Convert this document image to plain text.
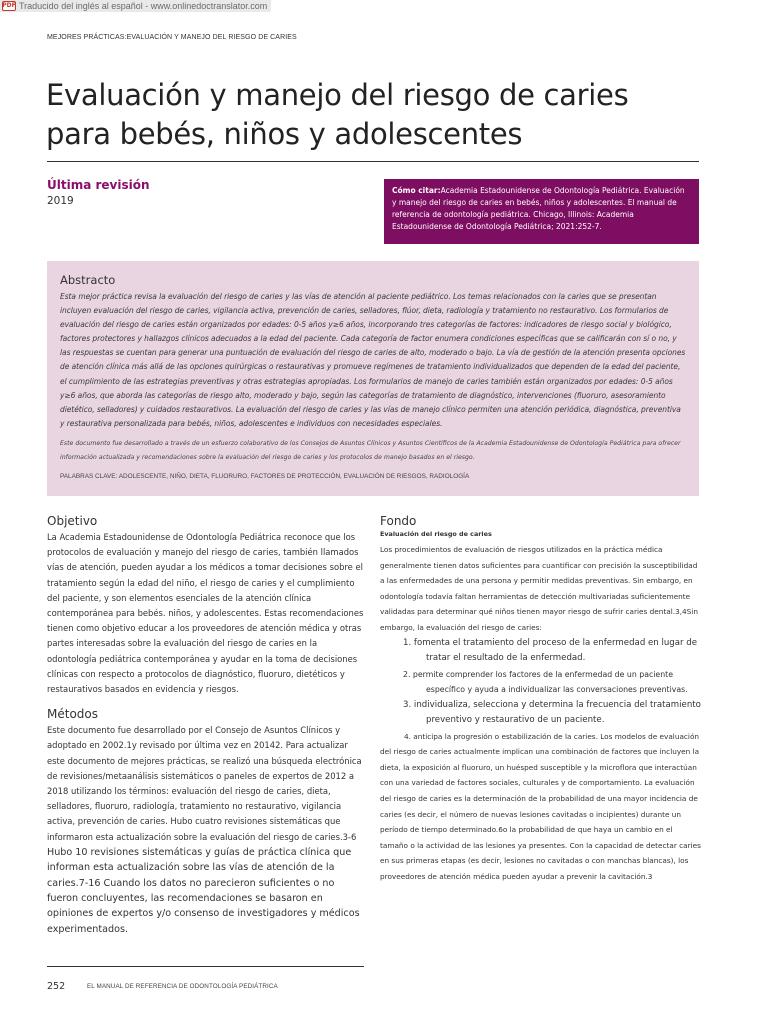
PDF Traducido del inglés al español - www.onlinedoctranslator.com
MEJORES PRÁCTICAS:EVALUACIÓN Y MANEJO DEL RIESGO DE CARIES
Evaluación y manejo del riesgo de caries
para bebés, niños y adolescentes
Última revisión
2019
Cómo citar:Academia Estadounidense de Odontología Pediátrica. Evaluación y manejo del riesgo de caries en bebés, niños y adolescentes. El manual de referencia de odontología pediátrica. Chicago, Illinois: Academia Estadounidense de Odontología Pediátrica; 2021:252-7.
Abstracto
Esta mejor práctica revisa la evaluación del riesgo de caries y las vías de atención al paciente pediátrico. Los temas relacionados con la caries que se presentan incluyen evaluación del riesgo de caries, vigilancia activa, prevención de caries, selladores, flúor, dieta, radiología y tratamiento no restaurativo. Los formularios de evaluación del riesgo de caries están organizados por edades: 0-5 años y≥6 años, incorporando tres categorías de factores: indicadores de riesgo social y biológico, factores protectores y hallazgos clínicos adecuados a la edad del paciente. Cada categoría de factor enumera condiciones específicas que se calificarán con sí o no, y las respuestas se cuentan para generar una puntuación de evaluación del riesgo de caries de alto, moderado o bajo. La vía de gestión de la atención presenta opciones de atención clínica más allá de las opciones quirúrgicas o restaurativas y promueve regímenes de tratamiento individualizados que dependen de la edad del paciente, el cumplimiento de las estrategias preventivas y otras estrategias apropiadas. Los formularios de manejo de caries también están organizados por edades: 0-5 años y≥6 años, que aborda las categorías de riesgo alto, moderado y bajo, según las categorías de tratamiento de diagnóstico, intervenciones (fluoruro, asesoramiento dietético, selladores) y cuidados restaurativos. La evaluación del riesgo de caries y las vías de manejo clínico permiten una atención periódica, diagnóstica, preventiva y restaurativa personalizada para bebés, niños, adolescentes e individuos con necesidades especiales.
Este documento fue desarrollado a través de un esfuerzo colaborativo de los Consejos de Asuntos Clínicos y Asuntos Científicos de la Academia Estadounidense de Odontología Pediátrica para ofrecer información actualizada y recomendaciones sobre la evaluación del riesgo de caries y los protocolos de manejo basados en el riesgo.
PALABRAS CLAVE: ADOLESCENTE, NIÑO, DIETA, FLUORURO, FACTORES DE PROTECCIÓN, EVALUACIÓN DE RIESGOS, RADIOLOGÍA
Objetivo
La Academia Estadounidense de Odontología Pediátrica reconoce que los protocolos de evaluación y manejo del riesgo de caries, también llamados vías de atención, pueden ayudar a los médicos a tomar decisiones sobre el tratamiento según la edad del niño, el riesgo de caries y el cumplimiento del paciente, y son elementos esenciales de la atención clínica contemporánea para bebés. niños, y adolescentes. Estas recomendaciones tienen como objetivo educar a los proveedores de atención médica y otras partes interesadas sobre la evaluación del riesgo de caries en la odontología pediátrica contemporánea y ayudar en la toma de decisiones clínicas con respecto a protocolos de diagnóstico, fluoruro, dietéticos y restaurativos basados en evidencia y riesgos.
Métodos
Este documento fue desarrollado por el Consejo de Asuntos Clínicos y adoptado en 2002.1y revisado por última vez en 20142. Para actualizar este documento de mejores prácticas, se realizó una búsqueda electrónica de revisiones/metaanálisis sistemáticos o paneles de expertos de 2012 a 2018 utilizando los términos: evaluación del riesgo de caries, dieta, selladores, fluoruro, radiología, tratamiento no restaurativo, vigilancia activa, prevención de caries. Hubo cuatro revisiones sistemáticas que informaron esta actualización sobre la evaluación del riesgo de caries.3-6
Hubo 10 revisiones sistemáticas y guías de práctica clínica que informan esta actualización sobre las vías de atención de la caries.7-16 Cuando los datos no parecieron suficientes o no fueron concluyentes, las recomendaciones se basaron en opiniones de expertos y/o consenso de investigadores y médicos experimentados.
Fondo
Evaluación del riesgo de caries
Los procedimientos de evaluación de riesgos utilizados en la práctica médica generalmente tienen datos suficientes para cuantificar con precisión la susceptibilidad a las enfermedades de una persona y permitir medidas preventivas. Sin embargo, en odontología todavía faltan herramientas de detección multivariadas suficientemente validadas para determinar qué niños tienen mayor riesgo de sufrir caries dental.3,4Sin embargo, la evaluación del riesgo de caries:
1. fomenta el tratamiento del proceso de la enfermedad en lugar de tratar el resultado de la enfermedad.
2. permite comprender los factores de la enfermedad de un paciente específico y ayuda a individualizar las conversaciones preventivas.
3. individualiza, selecciona y determina la frecuencia del tratamiento preventivo y restaurativo de un paciente.
4. anticipa la progresión o estabilización de la caries. Los modelos de evaluación del riesgo de caries actualmente implican una combinación de factores que incluyen la dieta, la exposición al fluoruro, un huésped susceptible y la microflora que interactúan con una variedad de factores sociales, culturales y de comportamiento. La evaluación del riesgo de caries es la determinación de la probabilidad de una mayor incidencia de caries (es decir, el número de nuevas lesiones cavitadas o incipientes) durante un período de tiempo determinado.6o la probabilidad de que haya un cambio en el tamaño o la actividad de las lesiones ya presentes. Con la capacidad de detectar caries en sus primeras etapas (es decir, lesiones no cavitadas o con manchas blancas), los proveedores de atención médica pueden ayudar a prevenir la cavitación.3
252	EL MANUAL DE REFERENCIA DE ODONTOLOGÍA PEDIÁTRICA
